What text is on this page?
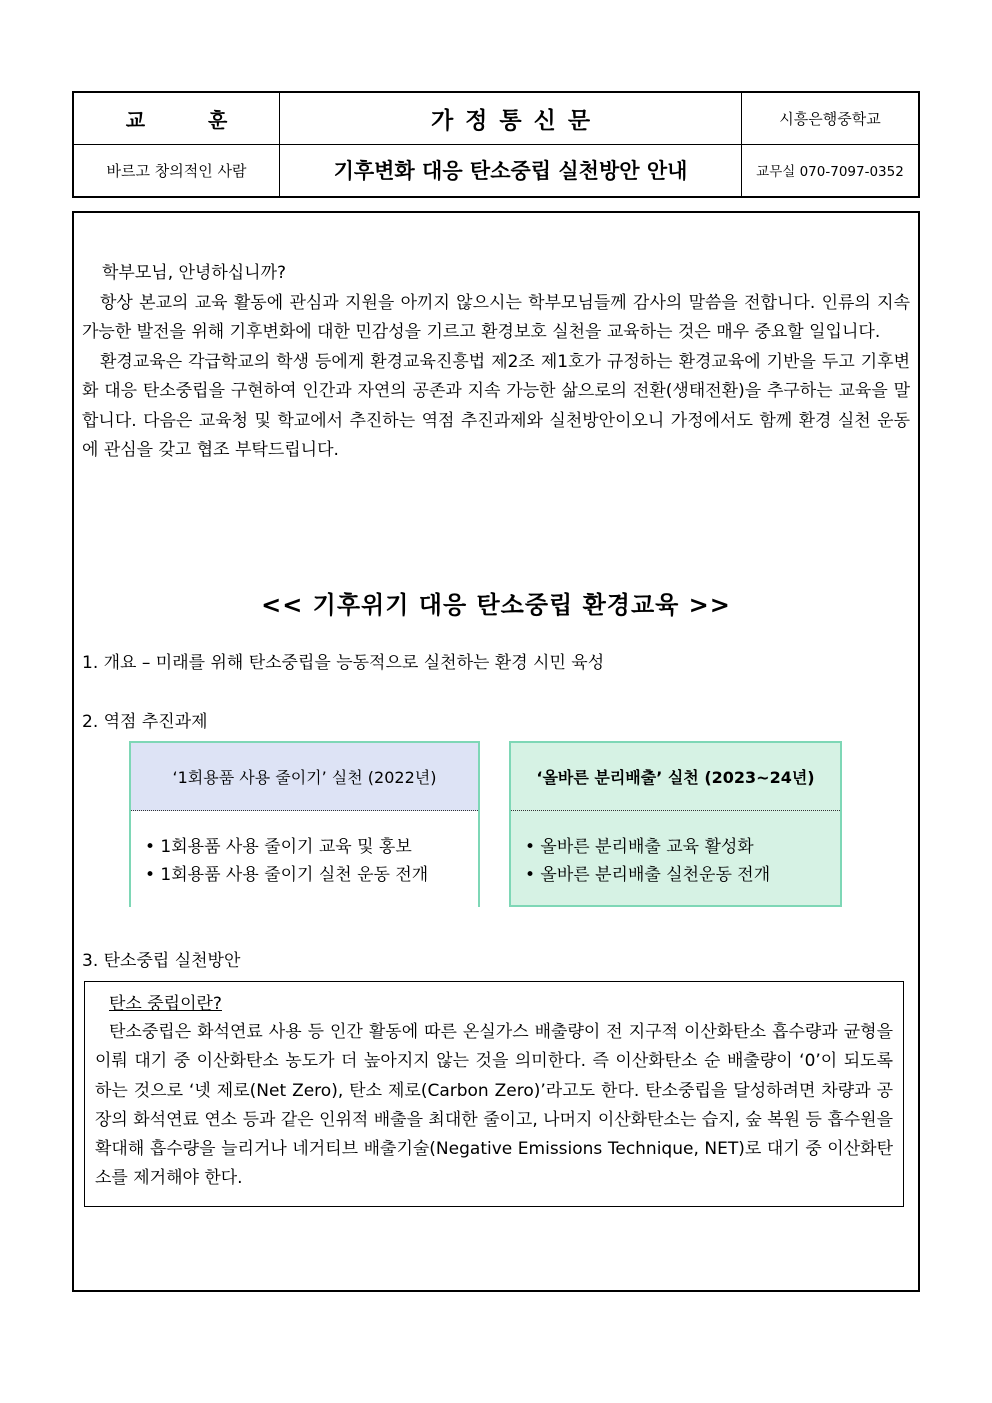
교 훈	가정통신문	시흥은행중학교
바르고 창의적인 사람	기후변화 대응 탄소중립 실천방안 안내	교무실 070-7097-0352

학부모님, 안녕하십니까?

항상 본교의 교육 활동에 관심과 지원을 아끼지 않으시는 학부모님들께 감사의 말씀을 전합니다. 인류의 지속 가능한 발전을 위해 기후변화에 대한 민감성을 기르고 환경보호 실천을 교육하는 것은 매우 중요할 일입니다.

환경교육은 각급학교의 학생 등에게 환경교육진흥법 제2조 제1호가 규정하는 환경교육에 기반을 두고 기후변화 대응 탄소중립을 구현하여 인간과 자연의 공존과 지속 가능한 삶으로의 전환(생태전환)을 추구하는 교육을 말합니다. 다음은 교육청 및 학교에서 추진하는 역점 추진과제와 실천방안이오니 가정에서도 함께 환경 실천 운동에 관심을 갖고 협조 부탁드립니다.

<< 기후위기 대응 탄소중립 환경교육 >>
1. 개요 – 미래를 위해 탄소중립을 능동적으로 실천하는 환경 시민 육성
2. 역점 추진과제
‘1회용품 사용 줄이기’ 실천 (2022년)
• 1회용품 사용 줄이기 교육 및 홍보
• 1회용품 사용 줄이기 실천 운동 전개
‘올바른 분리배출’ 실천 (2023~24년)
• 올바른 분리배출 교육 활성화
• 올바른 분리배출 실천운동 전개
3. 탄소중립 실천방안
탄소 중립이란?

탄소중립은 화석연료 사용 등 인간 활동에 따른 온실가스 배출량이 전 지구적 이산화탄소 흡수량과 균형을 이뤄 대기 중 이산화탄소 농도가 더 높아지지 않는 것을 의미한다. 즉 이산화탄소 순 배출량이 ‘0’이 되도록 하는 것으로 ‘넷 제로(Net Zero), 탄소 제로(Carbon Zero)’라고도 한다. 탄소중립을 달성하려면 차량과 공장의 화석연료 연소 등과 같은 인위적 배출을 최대한 줄이고, 나머지 이산화탄소는 습지, 숲 복원 등 흡수원을 확대해 흡수량을 늘리거나 네거티브 배출기술(Negative Emissions Technique, NET)로 대기 중 이산화탄소를 제거해야 한다.
